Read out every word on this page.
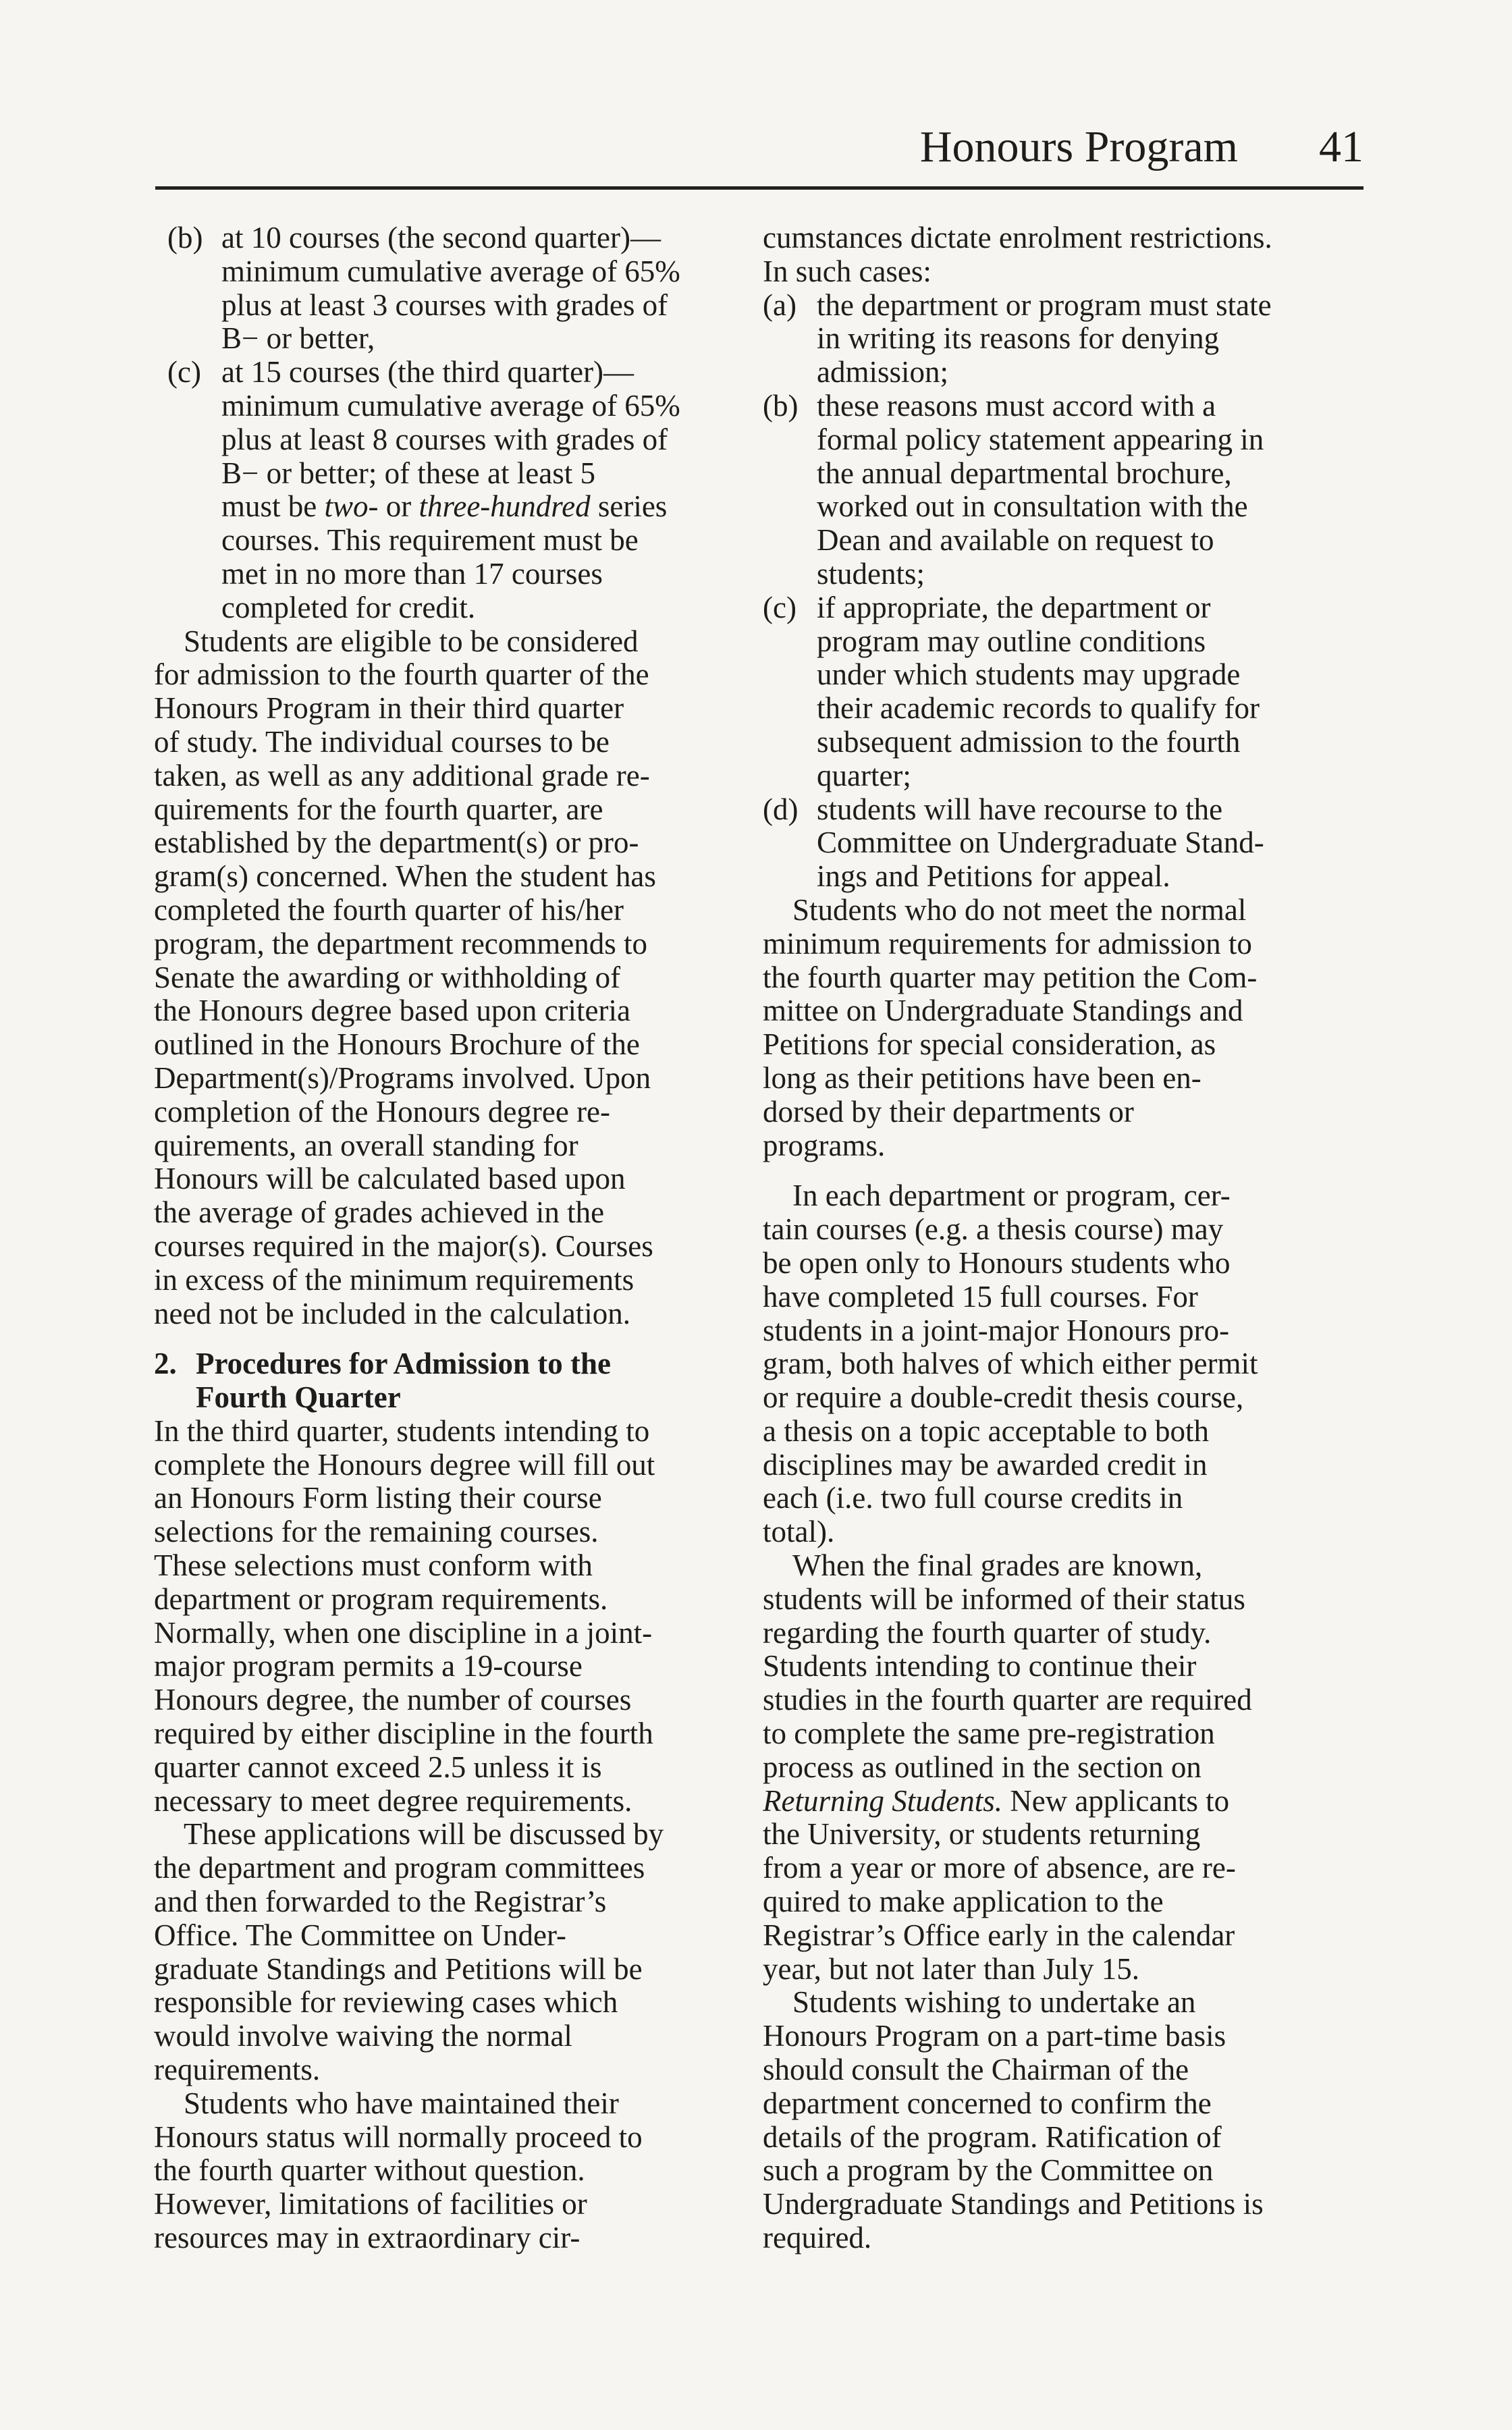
Honours Program 41
(b) at 10 courses (the second quarter)—
minimum cumulative average of 65%
plus at least 3 courses with grades of
B− or better,
(c) at 15 courses (the third quarter)—
minimum cumulative average of 65%
plus at least 8 courses with grades of
B− or better; of these at least 5
must be two- or three-hundred series
courses. This requirement must be
met in no more than 17 courses
completed for credit.
Students are eligible to be considered
for admission to the fourth quarter of the
Honours Program in their third quarter
of study. The individual courses to be
taken, as well as any additional grade re-
quirements for the fourth quarter, are
established by the department(s) or pro-
gram(s) concerned. When the student has
completed the fourth quarter of his/her
program, the department recommends to
Senate the awarding or withholding of
the Honours degree based upon criteria
outlined in the Honours Brochure of the
Department(s)/Programs involved. Upon
completion of the Honours degree re-
quirements, an overall standing for
Honours will be calculated based upon
the average of grades achieved in the
courses required in the major(s). Courses
in excess of the minimum requirements
need not be included in the calculation.
2. Procedures for Admission to the
Fourth Quarter
In the third quarter, students intending to
complete the Honours degree will fill out
an Honours Form listing their course
selections for the remaining courses.
These selections must conform with
department or program requirements.
Normally, when one discipline in a joint-
major program permits a 19-course
Honours degree, the number of courses
required by either discipline in the fourth
quarter cannot exceed 2.5 unless it is
necessary to meet degree requirements.
These applications will be discussed by
the department and program committees
and then forwarded to the Registrar’s
Office. The Committee on Under-
graduate Standings and Petitions will be
responsible for reviewing cases which
would involve waiving the normal
requirements.
Students who have maintained their
Honours status will normally proceed to
the fourth quarter without question.
However, limitations of facilities or
resources may in extraordinary cir-
cumstances dictate enrolment restrictions.
In such cases:
(a) the department or program must state
in writing its reasons for denying
admission;
(b) these reasons must accord with a
formal policy statement appearing in
the annual departmental brochure,
worked out in consultation with the
Dean and available on request to
students;
(c) if appropriate, the department or
program may outline conditions
under which students may upgrade
their academic records to qualify for
subsequent admission to the fourth
quarter;
(d) students will have recourse to the
Committee on Undergraduate Stand-
ings and Petitions for appeal.
Students who do not meet the normal
minimum requirements for admission to
the fourth quarter may petition the Com-
mittee on Undergraduate Standings and
Petitions for special consideration, as
long as their petitions have been en-
dorsed by their departments or
programs.
In each department or program, cer-
tain courses (e.g. a thesis course) may
be open only to Honours students who
have completed 15 full courses. For
students in a joint-major Honours pro-
gram, both halves of which either permit
or require a double-credit thesis course,
a thesis on a topic acceptable to both
disciplines may be awarded credit in
each (i.e. two full course credits in
total).
When the final grades are known,
students will be informed of their status
regarding the fourth quarter of study.
Students intending to continue their
studies in the fourth quarter are required
to complete the same pre-registration
process as outlined in the section on
Returning Students. New applicants to
the University, or students returning
from a year or more of absence, are re-
quired to make application to the
Registrar’s Office early in the calendar
year, but not later than July 15.
Students wishing to undertake an
Honours Program on a part-time basis
should consult the Chairman of the
department concerned to confirm the
details of the program. Ratification of
such a program by the Committee on
Undergraduate Standings and Petitions is
required.
